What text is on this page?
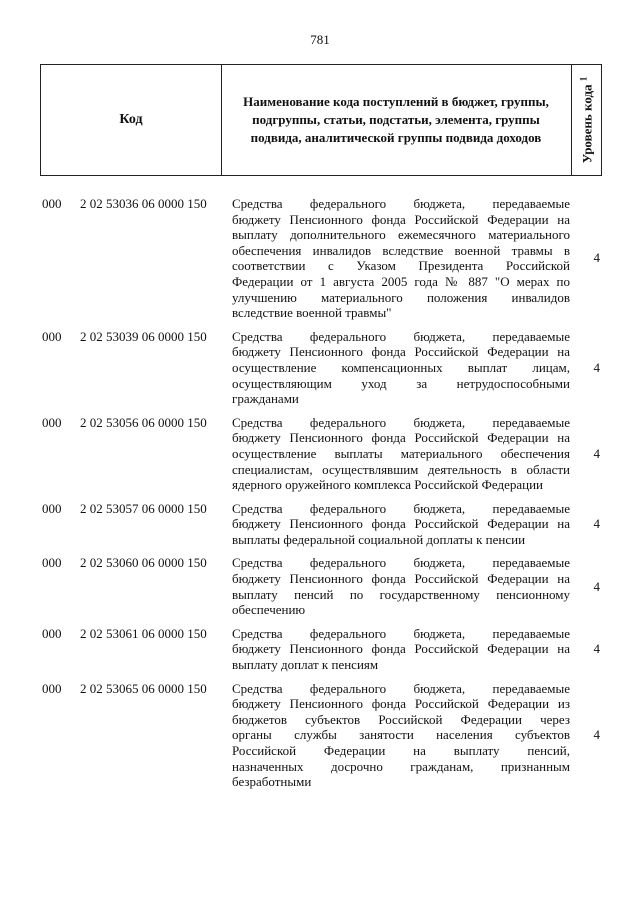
781
Код
Наименование кода поступлений в бюджет, группы, подгруппы, статьи, подстатьи, элемента, группы подвида, аналитической группы подвида доходов	Уровень кода $^1$
000 2 02 53036 06 0000 150 Средства федерального бюджета, передаваемые
бюджету Пенсионного фонда Российской Федерации на
выплату дополнительного ежемесячного материального
обеспечения инвалидов вследствие военной травмы в
соответствии с Указом Президента Российской
Федерации от 1 августа 2005 года № 887 "О мерах по
улучшению материального положения инвалидов
вследствие военной травмы"
4
000 2 02 53039 06 0000 150 Средства федерального бюджета, передаваемые
бюджету Пенсионного фонда Российской Федерации на
осуществление компенсационных выплат лицам,
осуществляющим уход за нетрудоспособными
гражданами
4
000 2 02 53056 06 0000 150 Средства федерального бюджета, передаваемые
бюджету Пенсионного фонда Российской Федерации на
осуществление выплаты материального обеспечения
специалистам, осуществлявшим деятельность в области
ядерного оружейного комплекса Российской Федерации
4
000 2 02 53057 06 0000 150 Средства федерального бюджета, передаваемые
бюджету Пенсионного фонда Российской Федерации на
выплаты федеральной социальной доплаты к пенсии
4
000 2 02 53060 06 0000 150 Средства федерального бюджета, передаваемые
бюджету Пенсионного фонда Российской Федерации на
выплату пенсий по государственному пенсионному
обеспечению
4
000 2 02 53061 06 0000 150 Средства федерального бюджета, передаваемые
бюджету Пенсионного фонда Российской Федерации на
выплату доплат к пенсиям
4
000 2 02 53065 06 0000 150 Средства федерального бюджета, передаваемые
бюджету Пенсионного фонда Российской Федерации из
бюджетов субъектов Российской Федерации через
органы службы занятости населения субъектов
Российской Федерации на выплату пенсий,
назначенных досрочно гражданам, признанным
безработными
4
